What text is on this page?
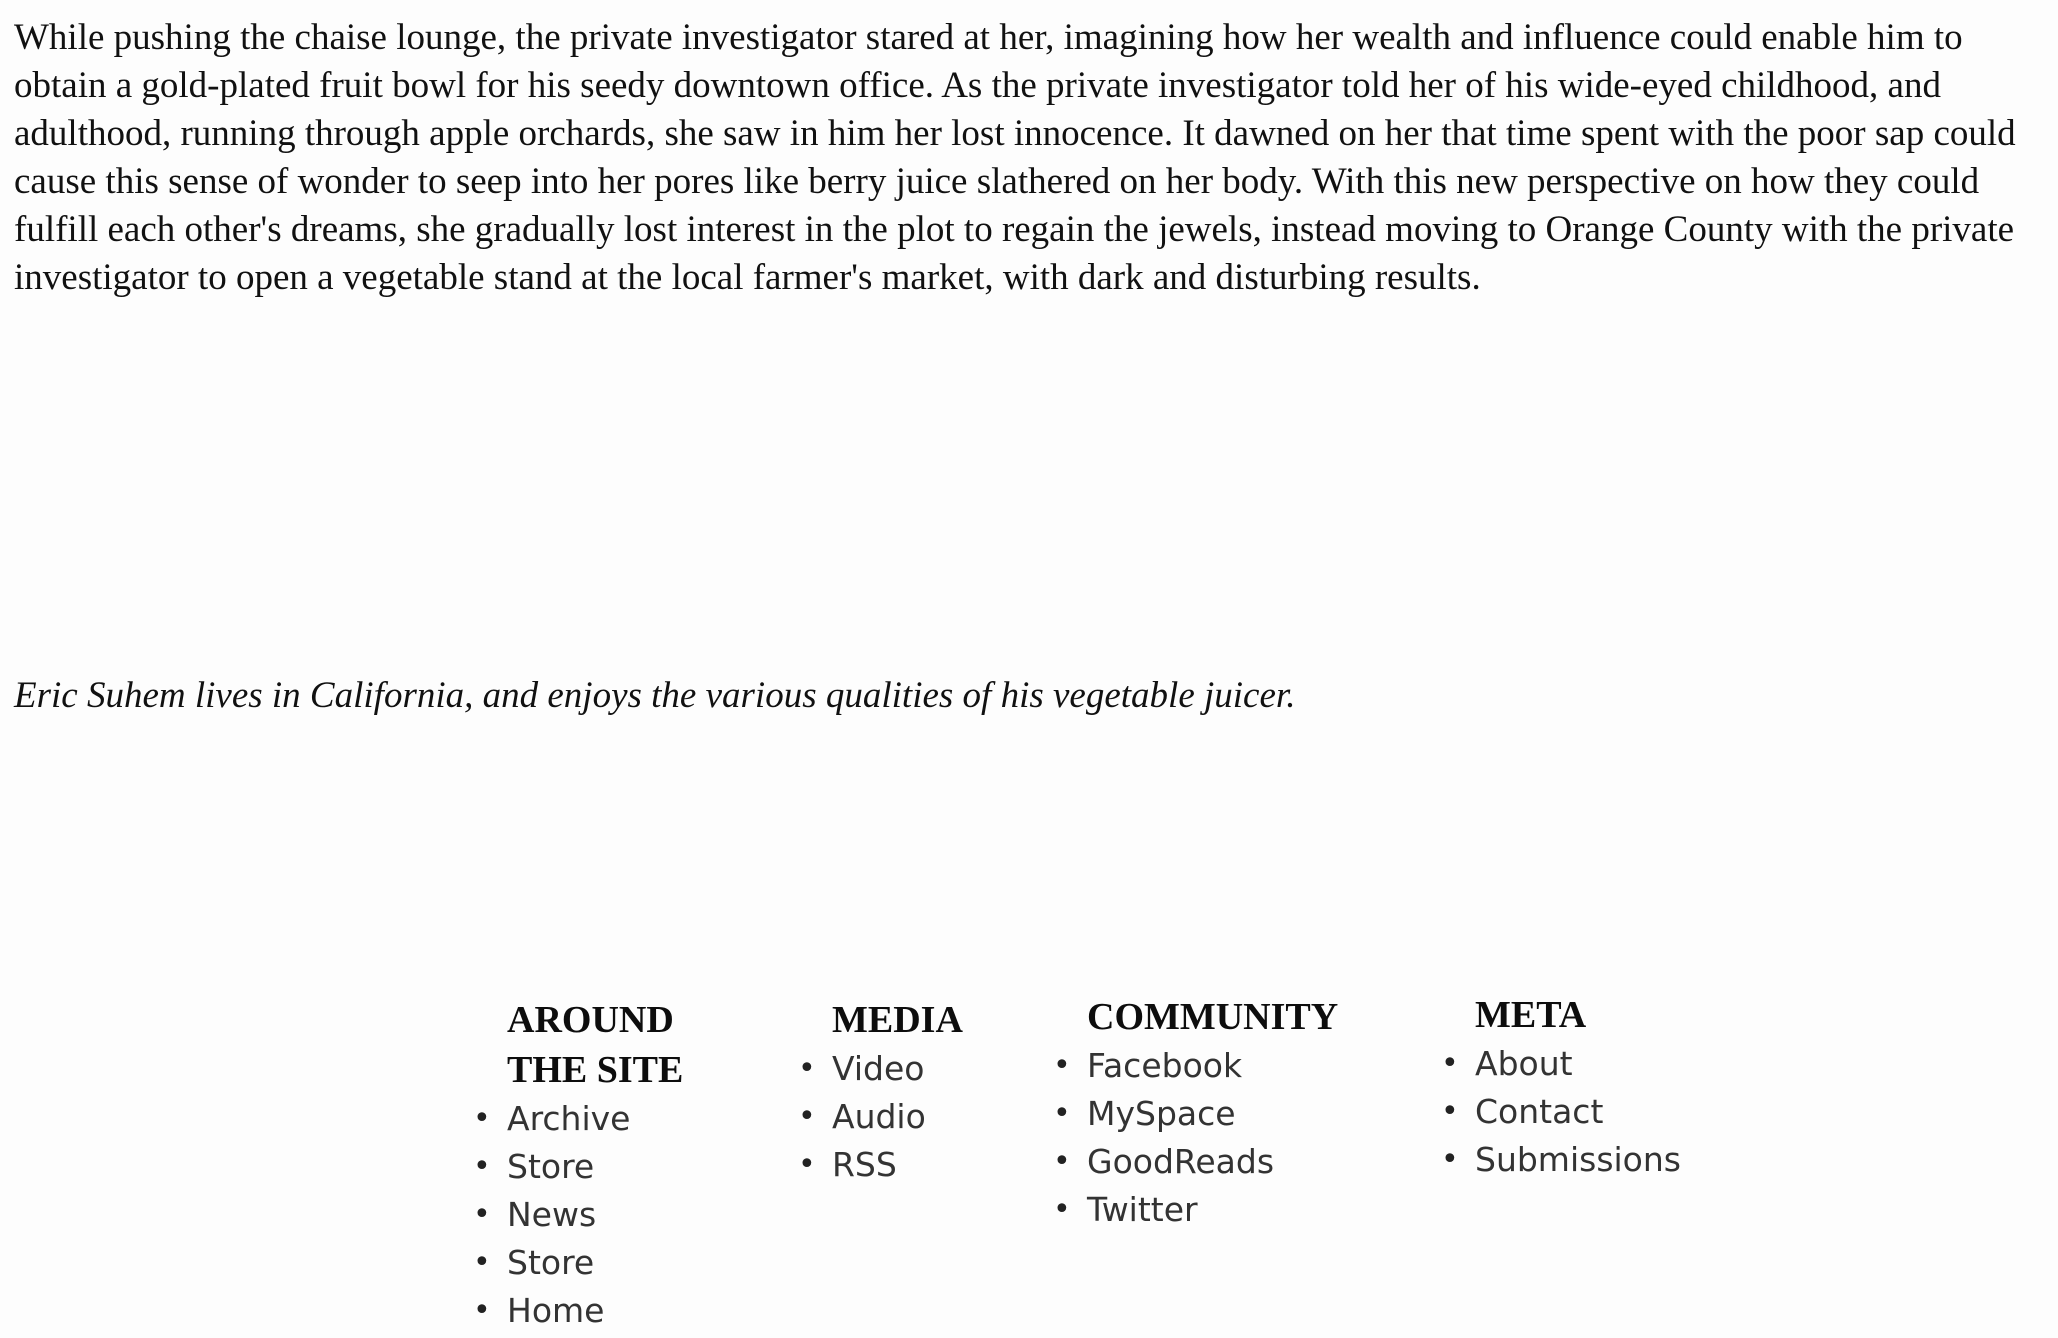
While pushing the chaise lounge, the private investigator stared at her, imagining how her wealth and influence could enable him to obtain a gold-plated fruit bowl for his seedy downtown office. As the private investigator told her of his wide-eyed childhood, and adulthood, running through apple orchards, she saw in him her lost innocence. It dawned on her that time spent with the poor sap could cause this sense of wonder to seep into her pores like berry juice slathered on her body. With this new perspective on how they could fulfill each other's dreams, she gradually lost interest in the plot to regain the jewels, instead moving to Orange County with the private investigator to open a vegetable stand at the local farmer's market, with dark and disturbing results.

Eric Suhem lives in California, and enjoys the various qualities of his vegetable juicer.

AROUND
THE SITE
• Archive
• Store
• News
• Store
• Home
MEDIA
• Video
• Audio
• RSS
COMMUNITY
• Facebook
• MySpace
• GoodReads
• Twitter
META
• About
• Contact
• Submissions
